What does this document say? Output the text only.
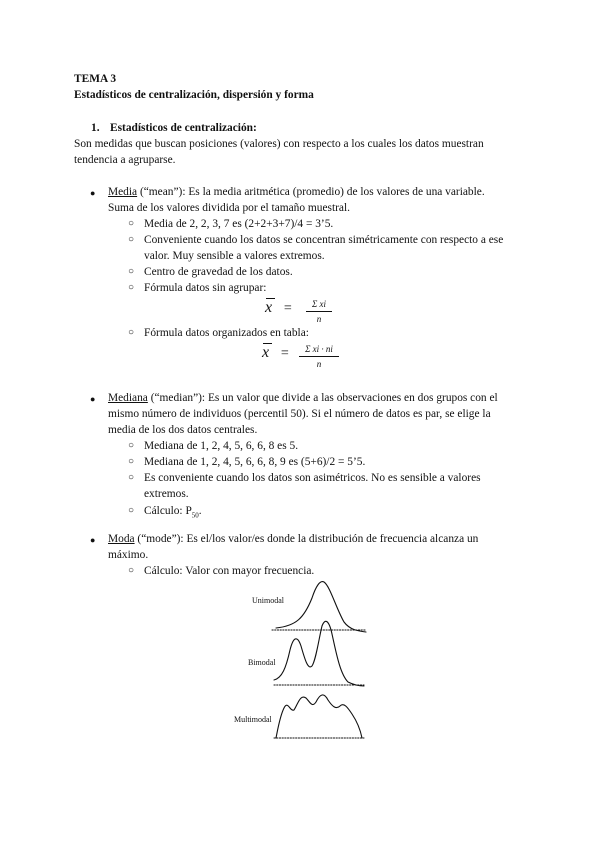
TEMA 3
Estadísticos de centralización, dispersión y forma
1. Estadísticos de centralización:
Son medidas que buscan posiciones (valores) con respecto a los cuales los datos muestran
tendencia a agruparse.
● Media (“mean”): Es la media aritmética (promedio) de los valores de una variable.
Suma de los valores dividida por el tamaño muestral.
○ Media de 2, 2, 3, 7 es (2+2+3+7)/4 = 3’5.
○ Conveniente cuando los datos se concentran simétricamente con respecto a ese
valor. Muy sensible a valores extremos.
○ Centro de gravedad de los datos.
○ Fórmula datos sin agrupar:
x =	Σ xi
n
○ Fórmula datos organizados en tabla:
x =	Σ xi · ni
n
● Mediana (“median”): Es un valor que divide a las observaciones en dos grupos con el
mismo número de individuos (percentil 50). Si el número de datos es par, se elige la
media de los dos datos centrales.
○ Mediana de 1, 2, 4, 5, 6, 6, 8 es 5.
○ Mediana de 1, 2, 4, 5, 6, 6, 8, 9 es (5+6)/2 = 5’5.
○ Es conveniente cuando los datos son asimétricos. No es sensible a valores
extremos.
○ Cálculo: $P_{50}$.
● Moda (“mode”): Es el/los valor/es donde la distribución de frecuencia alcanza un
máximo.
○ Cálculo: Valor con mayor frecuencia.
Unimodal
Bimodal
Multimodal
